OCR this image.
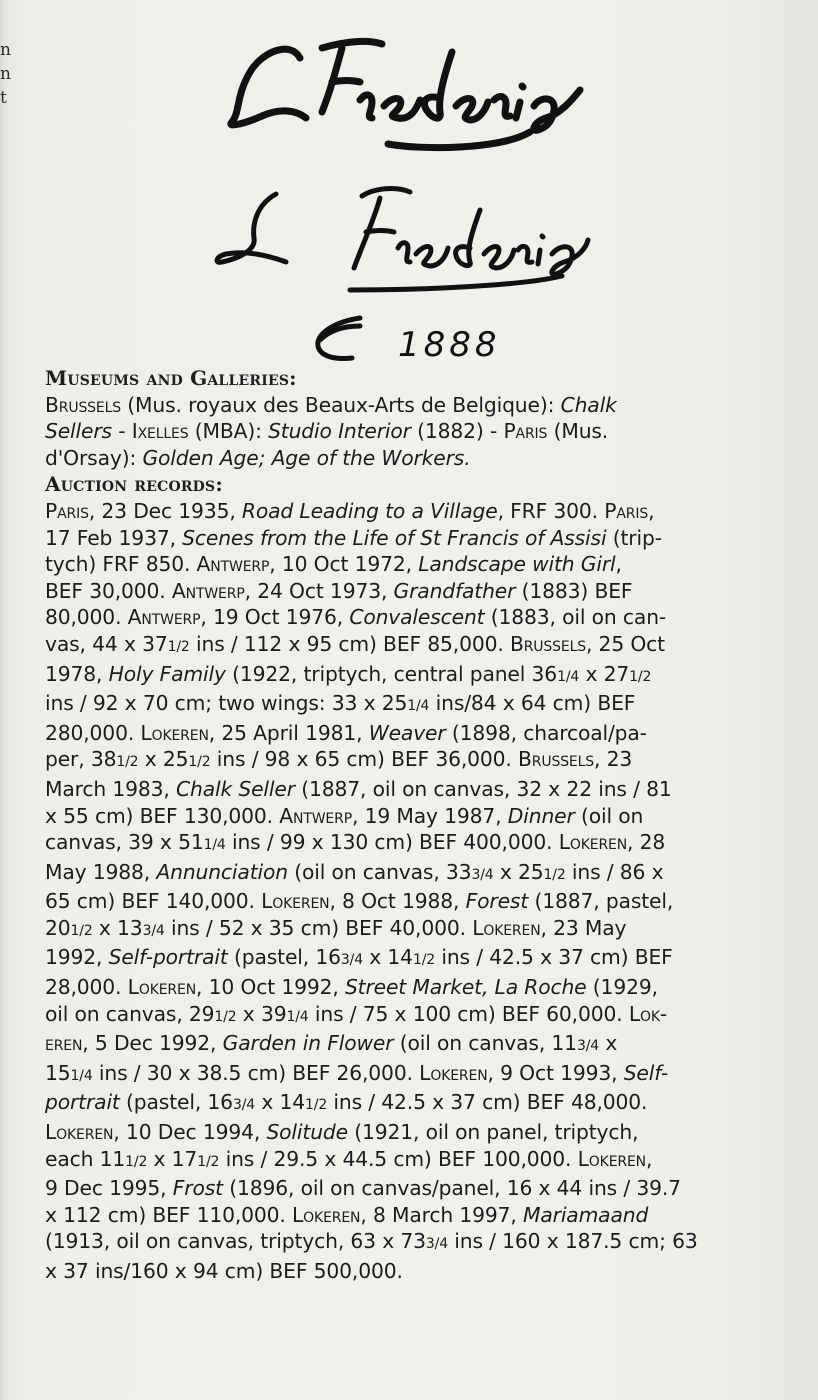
n
n
t
1888
Museums and Galleries:
Brussels (Mus. royaux des Beaux-Arts de Belgique): Chalk
Sellers - Ixelles (MBA): Studio Interior (1882) - Paris (Mus.
d'Orsay): Golden Age; Age of the Workers.
Auction records:
Paris, 23 Dec 1935, Road Leading to a Village, FRF 300. Paris,
17 Feb 1937, Scenes from the Life of St Francis of Assisi (trip-
tych) FRF 850. Antwerp, 10 Oct 1972, Landscape with Girl,
BEF 30,000. Antwerp, 24 Oct 1973, Grandfather (1883) BEF
80,000. Antwerp, 19 Oct 1976, Convalescent (1883, oil on can-
vas, 44 x 371/2 ins / 112 x 95 cm) BEF 85,000. Brussels, 25 Oct
1978, Holy Family (1922, triptych, central panel 361/4 x 271/2
ins / 92 x 70 cm; two wings: 33 x 251/4 ins/84 x 64 cm) BEF
280,000. Lokeren, 25 April 1981, Weaver (1898, charcoal/pa-
per, 381/2 x 251/2 ins / 98 x 65 cm) BEF 36,000. Brussels, 23
March 1983, Chalk Seller (1887, oil on canvas, 32 x 22 ins / 81
x 55 cm) BEF 130,000. Antwerp, 19 May 1987, Dinner (oil on
canvas, 39 x 511/4 ins / 99 x 130 cm) BEF 400,000. Lokeren, 28
May 1988, Annunciation (oil on canvas, 333/4 x 251/2 ins / 86 x
65 cm) BEF 140,000. Lokeren, 8 Oct 1988, Forest (1887, pastel,
201/2 x 133/4 ins / 52 x 35 cm) BEF 40,000. Lokeren, 23 May
1992, Self-portrait (pastel, 163/4 x 141/2 ins / 42.5 x 37 cm) BEF
28,000. Lokeren, 10 Oct 1992, Street Market, La Roche (1929,
oil on canvas, 291/2 x 391/4 ins / 75 x 100 cm) BEF 60,000. Lok-
eren, 5 Dec 1992, Garden in Flower (oil on canvas, 113/4 x
151/4 ins / 30 x 38.5 cm) BEF 26,000. Lokeren, 9 Oct 1993, Self-
portrait (pastel, 163/4 x 141/2 ins / 42.5 x 37 cm) BEF 48,000.
Lokeren, 10 Dec 1994, Solitude (1921, oil on panel, triptych,
each 111/2 x 171/2 ins / 29.5 x 44.5 cm) BEF 100,000. Lokeren,
9 Dec 1995, Frost (1896, oil on canvas/panel, 16 x 44 ins / 39.7
x 112 cm) BEF 110,000. Lokeren, 8 March 1997, Mariamaand
(1913, oil on canvas, triptych, 63 x 733/4 ins / 160 x 187.5 cm; 63
x 37 ins/160 x 94 cm) BEF 500,000.
